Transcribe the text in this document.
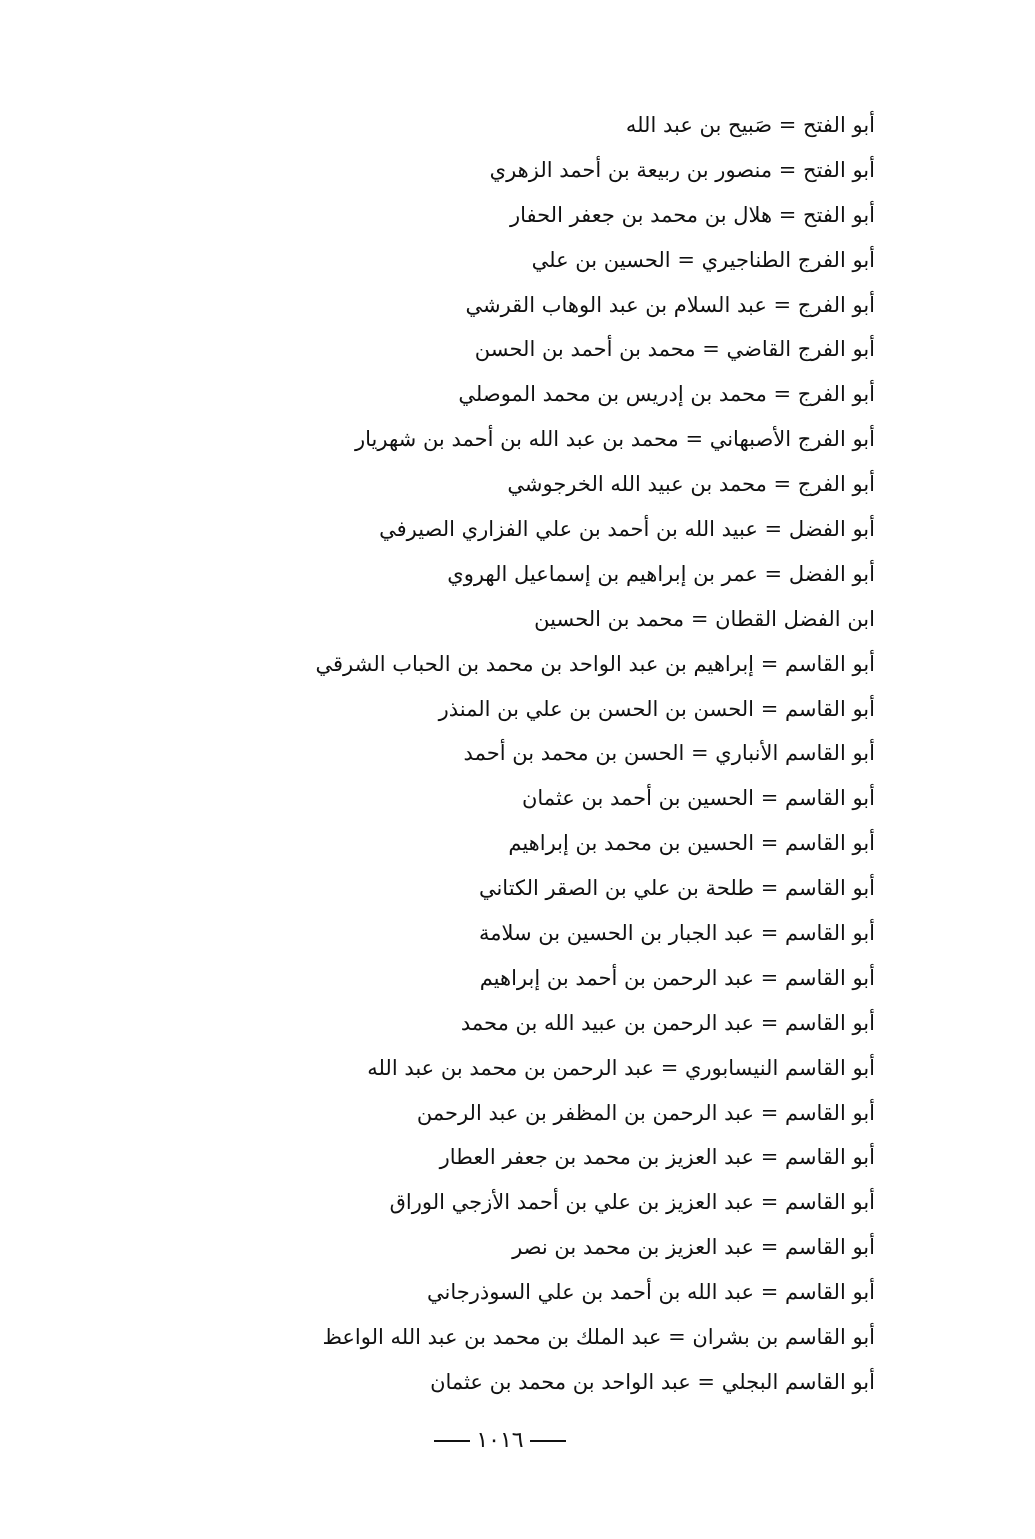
أبو الفتح = صَبيح بن عبد الله
أبو الفتح = منصور بن ربيعة بن أحمد الزهري
أبو الفتح = هلال بن محمد بن جعفر الحفار
أبو الفرج الطناجيري = الحسين بن علي
أبو الفرج = عبد السلام بن عبد الوهاب القرشي
أبو الفرج القاضي = محمد بن أحمد بن الحسن
أبو الفرج = محمد بن إدريس بن محمد الموصلي
أبو الفرج الأصبهاني = محمد بن عبد الله بن أحمد بن شهريار
أبو الفرج = محمد بن عبيد الله الخرجوشي
أبو الفضل = عبيد الله بن أحمد بن علي الفزاري الصيرفي
أبو الفضل = عمر بن إبراهيم بن إسماعيل الهروي
ابن الفضل القطان = محمد بن الحسين
أبو القاسم = إبراهيم بن عبد الواحد بن محمد بن الحباب الشرقي
أبو القاسم = الحسن بن الحسن بن علي بن المنذر
أبو القاسم الأنباري = الحسن بن محمد بن أحمد
أبو القاسم = الحسين بن أحمد بن عثمان
أبو القاسم = الحسين بن محمد بن إبراهيم
أبو القاسم = طلحة بن علي بن الصقر الكتاني
أبو القاسم = عبد الجبار بن الحسين بن سلامة
أبو القاسم = عبد الرحمن بن أحمد بن إبراهيم
أبو القاسم = عبد الرحمن بن عبيد الله بن محمد
أبو القاسم النيسابوري = عبد الرحمن بن محمد بن عبد الله
أبو القاسم = عبد الرحمن بن المظفر بن عبد الرحمن
أبو القاسم = عبد العزيز بن محمد بن جعفر العطار
أبو القاسم = عبد العزيز بن علي بن أحمد الأزجي الوراق
أبو القاسم = عبد العزيز بن محمد بن نصر
أبو القاسم = عبد الله بن أحمد بن علي السوذرجاني
أبو القاسم بن بشران = عبد الملك بن محمد بن عبد الله الواعظ
أبو القاسم البجلي = عبد الواحد بن محمد بن عثمان
١٠١٦
